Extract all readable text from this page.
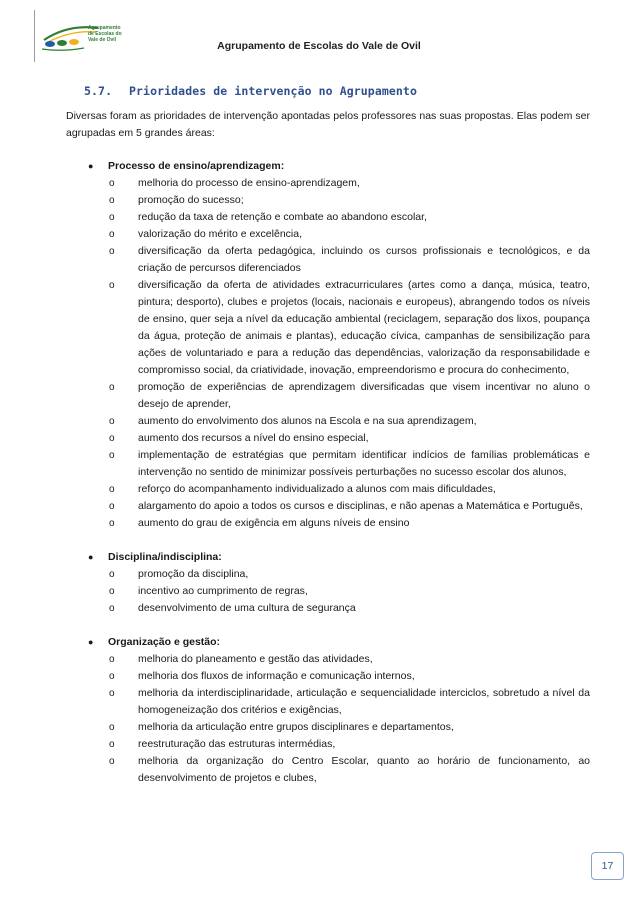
Agrupamento
de Escolas do
Vale de Ovil	Agrupamento de Escolas do Vale de Ovil
5.7. Prioridades de intervenção no Agrupamento
Diversas foram as prioridades de intervenção apontadas pelos professores nas suas propostas. Elas podem ser agrupadas em 5 grandes áreas:
● Processo de ensino/aprendizagem:
o melhoria do processo de ensino-aprendizagem,
o promoção do sucesso;
o redução da taxa de retenção e combate ao abandono escolar,
o valorização do mérito e excelência,
o diversificação da oferta pedagógica, incluindo os cursos profissionais e tecnológicos, e da criação de percursos diferenciados
o diversificação da oferta de atividades extracurriculares (artes como a dança, música, teatro, pintura; desporto), clubes e projetos (locais, nacionais e europeus), abrangendo todos os níveis de ensino, quer seja a nível da educação ambiental (reciclagem, separação dos lixos, poupança da água, proteção de animais e plantas), educação cívica, campanhas de sensibilização para ações de voluntariado e para a redução das dependências, valorização da responsabilidade e compromisso social, da criatividade, inovação, empreendorismo e procura do conhecimento,
o promoção de experiências de aprendizagem diversificadas que visem incentivar no aluno o desejo de aprender,
o aumento do envolvimento dos alunos na Escola e na sua aprendizagem,
o aumento dos recursos a nível do ensino especial,
o implementação de estratégias que permitam identificar indícios de famílias problemáticas e intervenção no sentido de minimizar possíveis perturbações no sucesso escolar dos alunos,
o reforço do acompanhamento individualizado a alunos com mais dificuldades,
o alargamento do apoio a todos os cursos e disciplinas, e não apenas a Matemática e Português,
o aumento do grau de exigência em alguns níveis de ensino
● Disciplina/indisciplina:
o promoção da disciplina,
o incentivo ao cumprimento de regras,
o desenvolvimento de uma cultura de segurança
● Organização e gestão:
o melhoria do planeamento e gestão das atividades,
o melhoria dos fluxos de informação e comunicação internos,
o melhoria da interdisciplinaridade, articulação e sequencialidade interciclos, sobretudo a nível da homogeneização dos critérios e exigências,
o melhoria da articulação entre grupos disciplinares e departamentos,
o reestruturação das estruturas intermédias,
o melhoria da organização do Centro Escolar, quanto ao horário de funcionamento, ao desenvolvimento de projetos e clubes,
17
